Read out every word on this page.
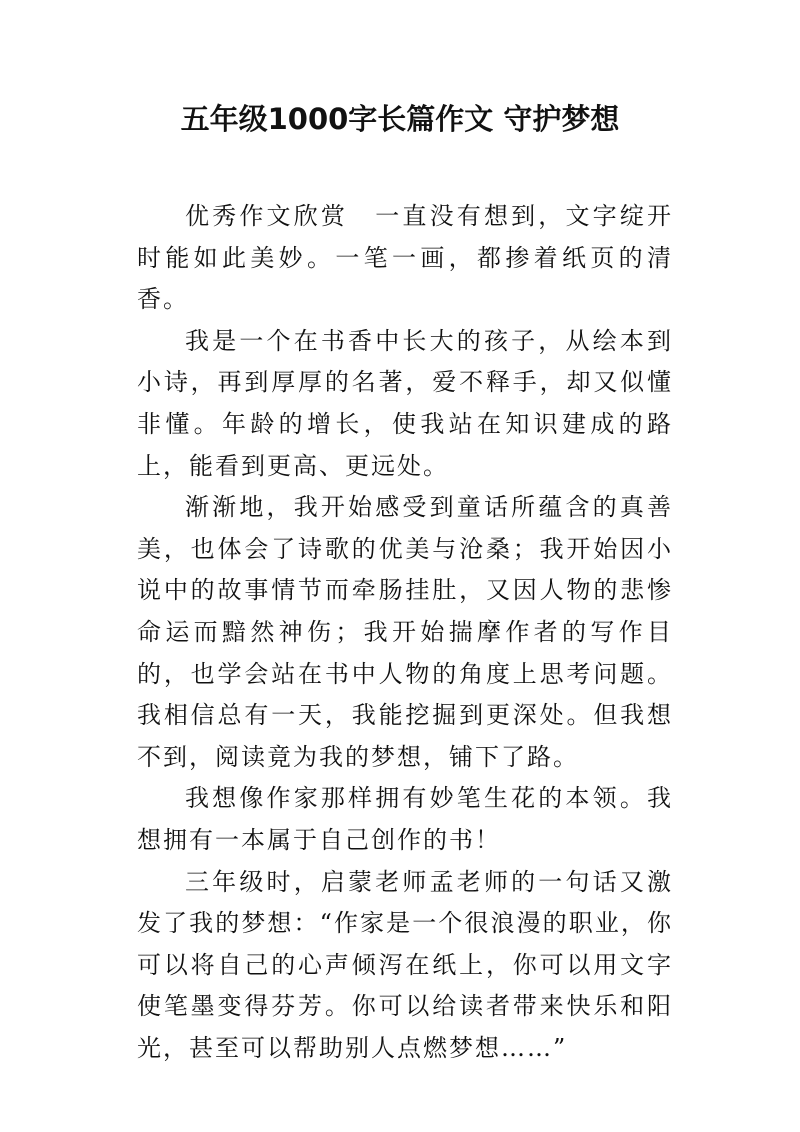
五年级1000字长篇作文 守护梦想

优秀作文欣赏　一直没有想到，文字绽开时能如此美妙。一笔一画，都掺着纸页的清香。

我是一个在书香中长大的孩子，从绘本到小诗，再到厚厚的名著，爱不释手，却又似懂非懂。年龄的增长，使我站在知识建成的路上，能看到更高、更远处。

渐渐地，我开始感受到童话所蕴含的真善美，也体会了诗歌的优美与沧桑；我开始因小说中的故事情节而牵肠挂肚，又因人物的悲惨命运而黯然神伤；我开始揣摩作者的写作目的，也学会站在书中人物的角度上思考问题。我相信总有一天，我能挖掘到更深处。但我想不到，阅读竟为我的梦想，铺下了路。

我想像作家那样拥有妙笔生花的本领。我想拥有一本属于自己创作的书！

三年级时，启蒙老师孟老师的一句话又激发了我的梦想：“作家是一个很浪漫的职业，你可以将自己的心声倾泻在纸上，你可以用文字使笔墨变得芬芳。你可以给读者带来快乐和阳光，甚至可以帮助别人点燃梦想……”
